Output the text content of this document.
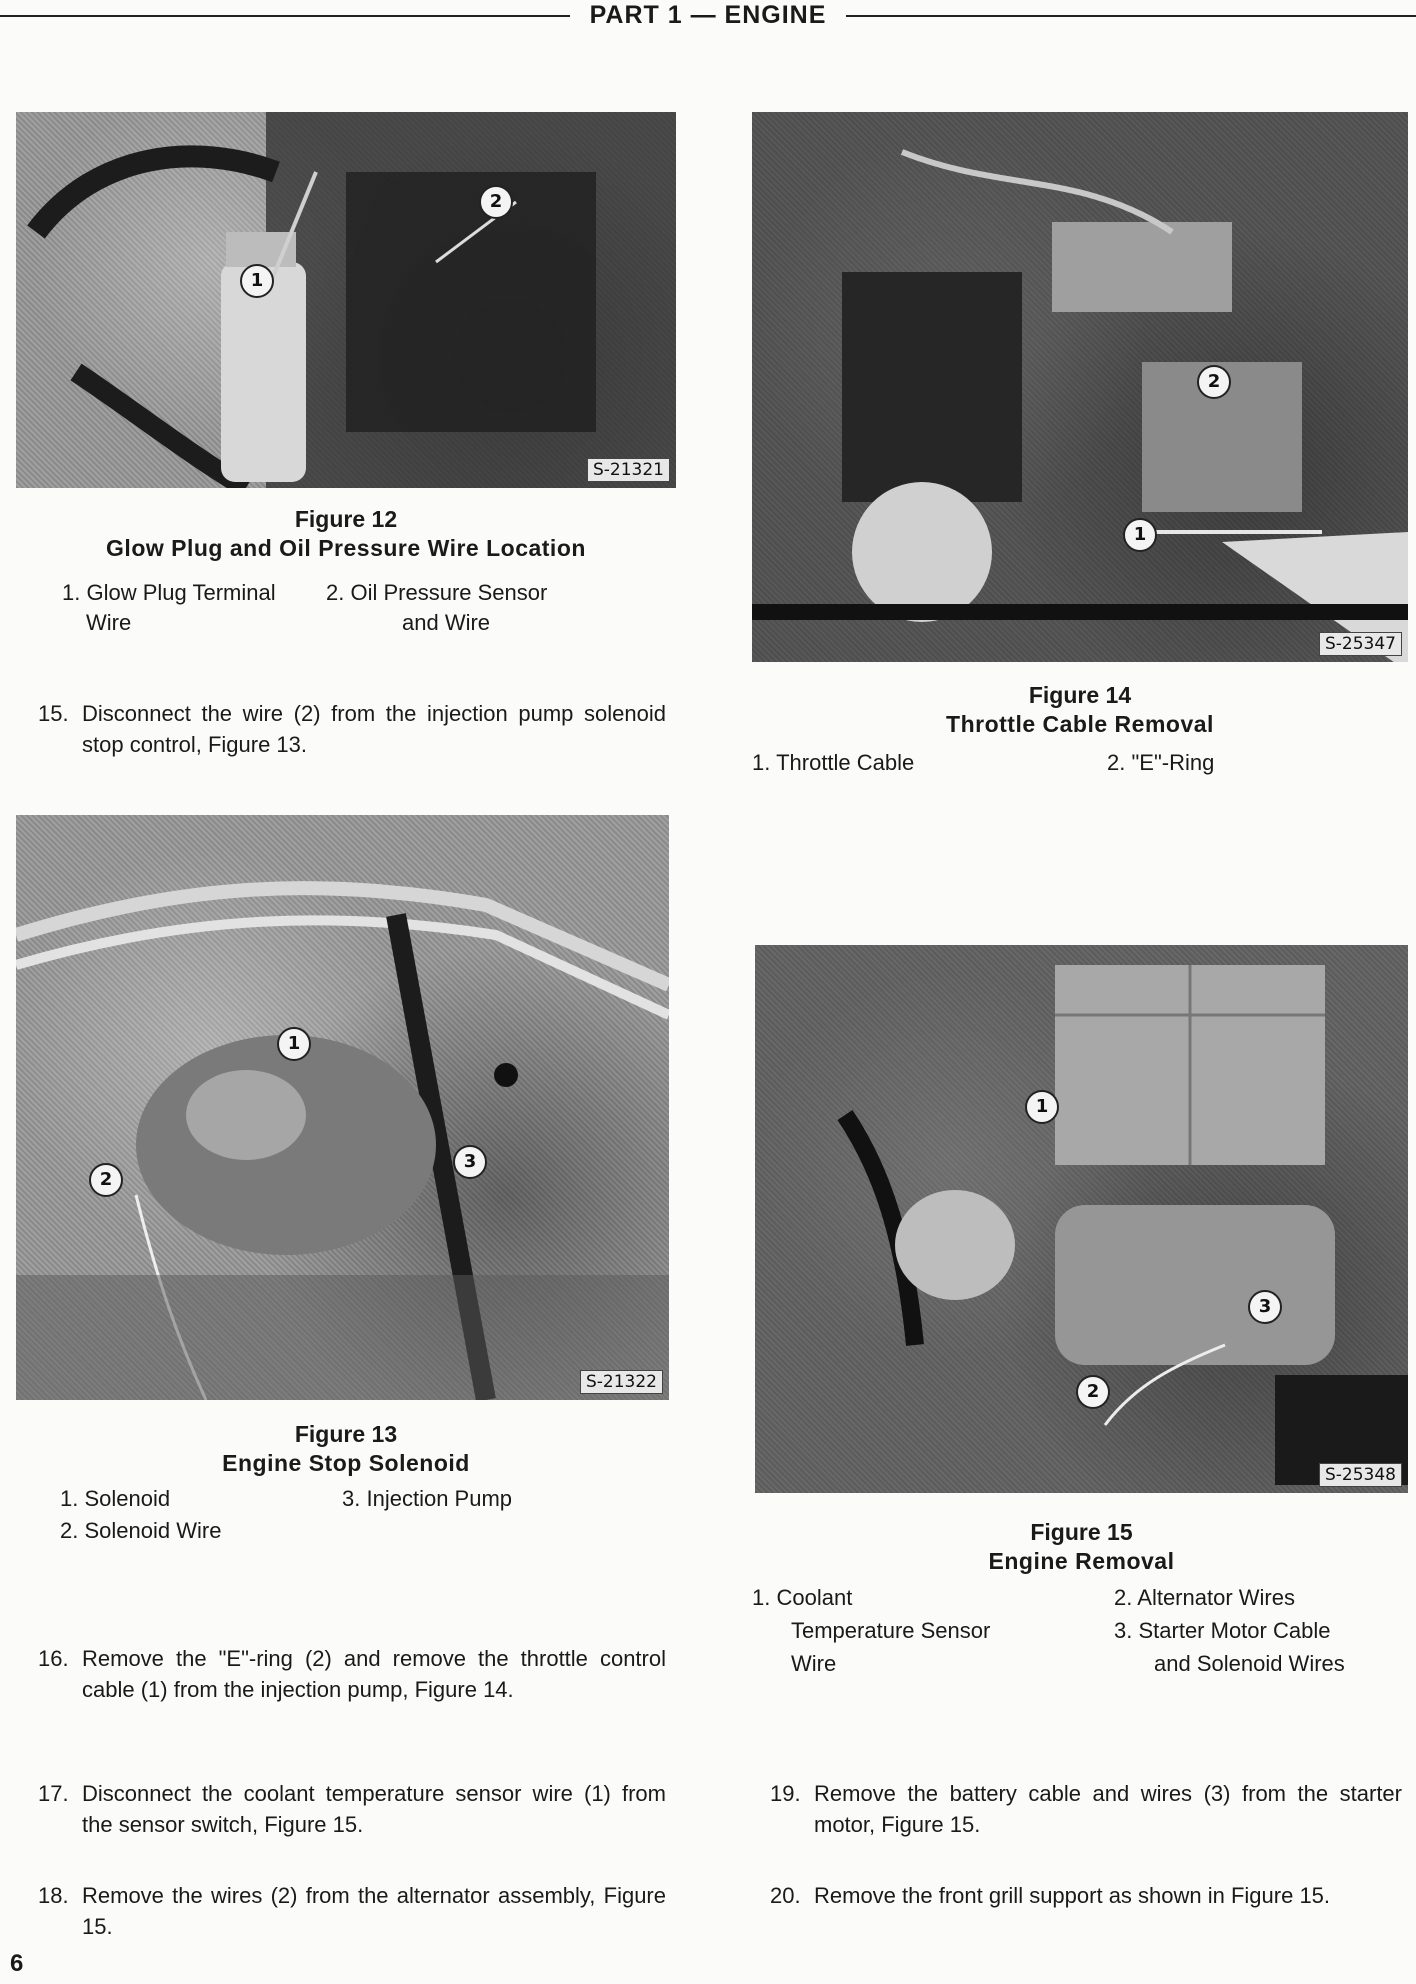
PART 1 — ENGINE
1
2
S-21321
Figure 12
Glow Plug and Oil Pressure Wire Location
1. Glow Plug Terminal
Wire
2. Oil Pressure Sensor
and Wire
15. Disconnect the wire (2) from the injection pump solenoid stop control, Figure 13.
1
2
S-25347
Figure 14
Throttle Cable Removal
1. Throttle Cable	2. "E"-Ring
1
2
3
S-21322
Figure 13
Engine Stop Solenoid
1. Solenoid
2. Solenoid Wire
3. Injection Pump
1
2
3
S-25348
Figure 15
Engine Removal
1. Coolant
Temperature Sensor
Wire
2. Alternator Wires
3. Starter Motor Cable
and Solenoid Wires
16. Remove the "E"-ring (2) and remove the throttle control cable (1) from the injection pump, Figure 14.
17. Disconnect the coolant temperature sensor wire (1) from the sensor switch, Figure 15.
18. Remove the wires (2) from the alternator assembly, Figure 15.
19. Remove the battery cable and wires (3) from the starter motor, Figure 15.
20. Remove the front grill support as shown in Figure 15.
6
